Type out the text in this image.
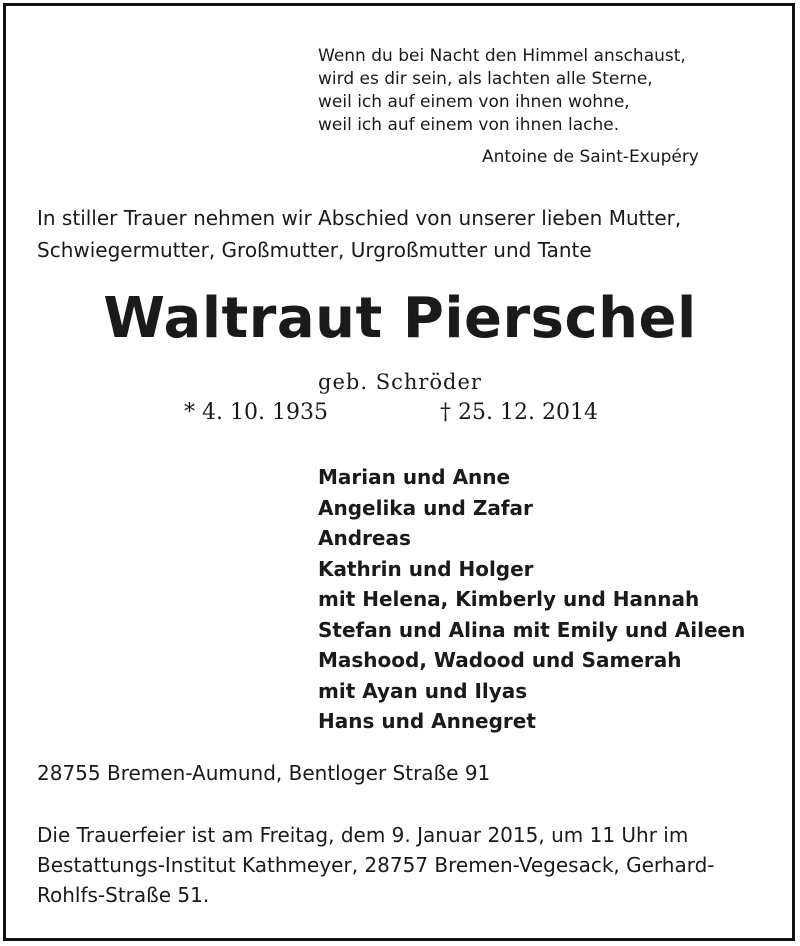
Wenn du bei Nacht den Himmel anschaust,
wird es dir sein, als lachten alle Sterne,
weil ich auf einem von ihnen wohne,
weil ich auf einem von ihnen lache.
Antoine de Saint-Exupéry
In stiller Trauer nehmen wir Abschied von unserer lieben Mutter,
Schwiegermutter, Großmutter, Urgroßmutter und Tante
Waltraut Pierschel
geb. Schröder
* 4. 10. 1935	† 25. 12. 2014
Marian und Anne
Angelika und Zafar
Andreas
Kathrin und Holger
mit Helena, Kimberly und Hannah
Stefan und Alina mit Emily und Aileen
Mashood, Wadood und Samerah
mit Ayan und Ilyas
Hans und Annegret
28755 Bremen-Aumund, Bentloger Straße 91
Die Trauerfeier ist am Freitag, dem 9. Januar 2015, um 11 Uhr im
Bestattungs-Institut Kathmeyer, 28757 Bremen-Vegesack, Gerhard-
Rohlfs-Straße 51.
